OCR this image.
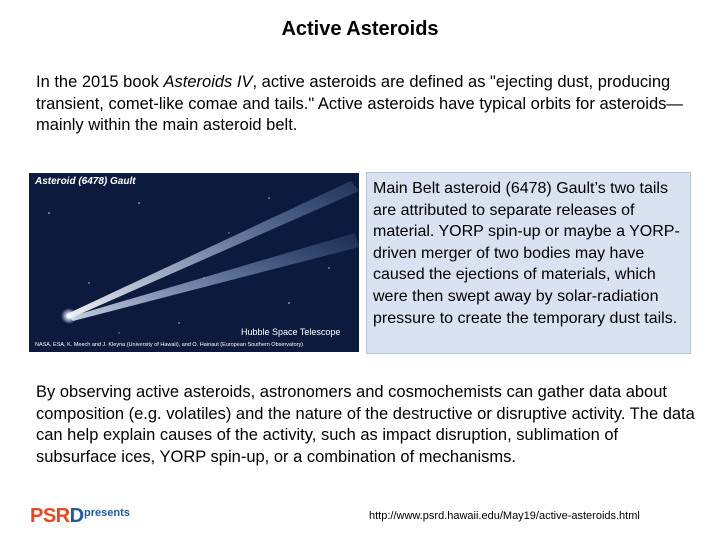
Active Asteroids
In the 2015 book Asteroids IV, active asteroids are defined as "ejecting dust, producing transient, comet-like comae and tails." Active asteroids have typical orbits for asteroids—mainly within the main asteroid belt.
Asteroid (6478) Gault
Hubble Space Telescope
NASA, ESA, K. Meech and J. Kleyna (University of Hawaii), and O. Hainaut (European Southern Observatory)
Main Belt asteroid (6478) Gault’s two tails are attributed to separate releases of material. YORP spin-up or maybe a YORP-driven merger of two bodies may have caused the ejections of materials, which were then swept away by solar-radiation pressure to create the temporary dust tails.
By observing active asteroids, astronomers and cosmochemists can gather data about composition (e.g. volatiles) and the nature of the destructive or disruptive activity. The data can help explain causes of the activity, such as impact disruption, sublimation of subsurface ices, YORP spin-up, or a combination of mechanisms.
PSRD presents	http://www.psrd.hawaii.edu/May19/active-asteroids.html
